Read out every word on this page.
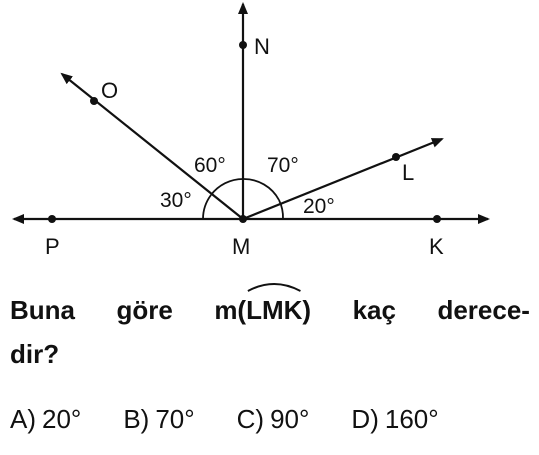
P	M	K
N
O
L
30°
60° 70°
20°
Buna göre m(
LMK) kaç derece-
dir?
A) 20° B) 70° C) 90° D) 160°
